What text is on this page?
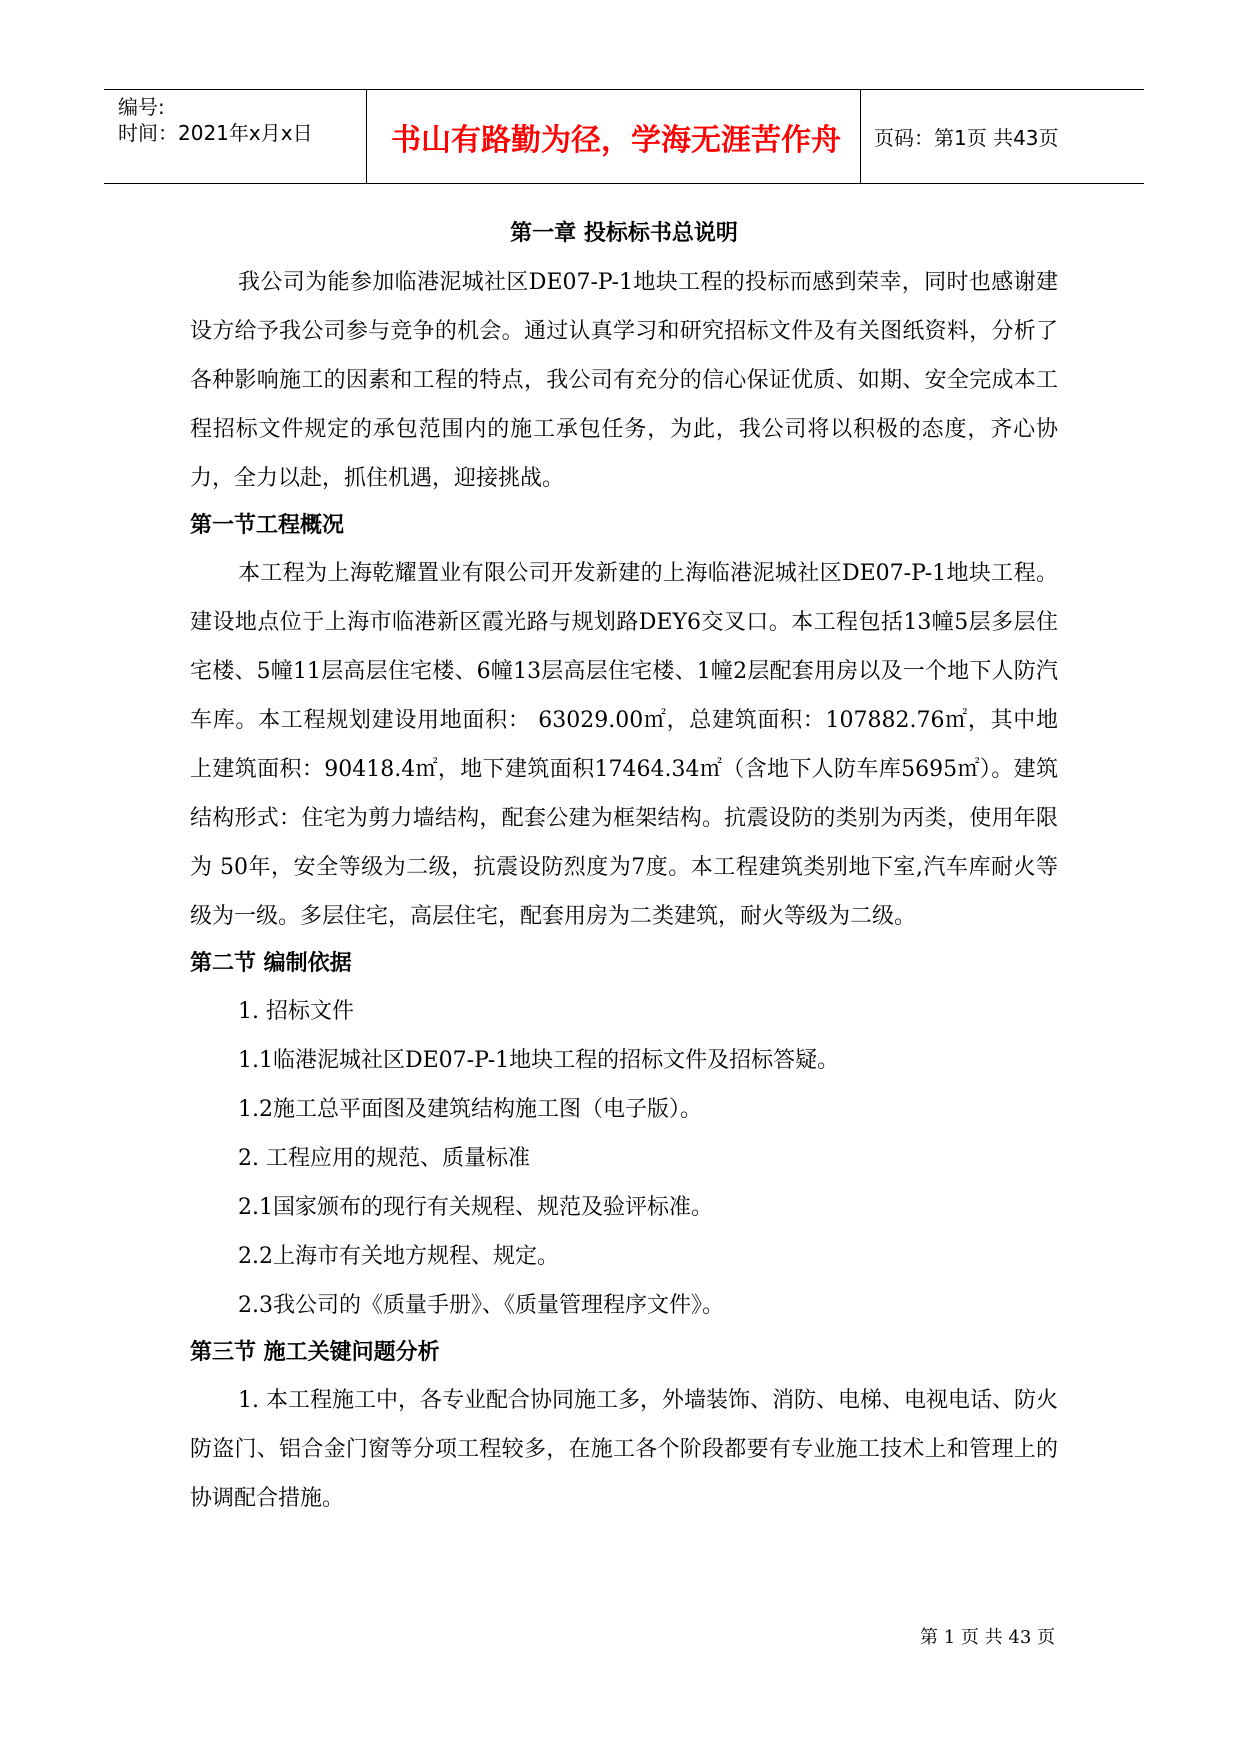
编号:
时间：2021年x月x日	书山有路勤为径，学海无涯苦作舟	页码：第1页 共43页

第一章 投标标书总说明

我公司为能参加临港泥城社区DE07-P-1地块工程的投标而感到荣幸，同时也感谢建设方给予我公司参与竞争的机会。通过认真学习和研究招标文件及有关图纸资料，分析了各种影响施工的因素和工程的特点，我公司有充分的信心保证优质、如期、安全完成本工程招标文件规定的承包范围内的施工承包任务，为此，我公司将以积极的态度，齐心协力，全力以赴，抓住机遇，迎接挑战。

第一节工程概况

本工程为上海乾耀置业有限公司开发新建的上海临港泥城社区DE07-P-1地块工程。建设地点位于上海市临港新区霞光路与规划路DEY6交叉口。本工程包括13幢5层多层住宅楼、5幢11层高层住宅楼、6幢13层高层住宅楼、1幢2层配套用房以及一个地下人防汽车库。本工程规划建设用地面积： 63029.00㎡，总建筑面积：107882.76㎡，其中地上建筑面积：90418.4㎡，地下建筑面积17464.34㎡（含地下人防车库5695㎡）。建筑结构形式：住宅为剪力墙结构，配套公建为框架结构。抗震设防的类别为丙类，使用年限为 50年，安全等级为二级，抗震设防烈度为7度。本工程建筑类别地下室,汽车库耐火等级为一级。多层住宅，高层住宅，配套用房为二类建筑，耐火等级为二级。

第二节 编制依据

1. 招标文件

1.1临港泥城社区DE07-P-1地块工程的招标文件及招标答疑。

1.2施工总平面图及建筑结构施工图（电子版）。

2. 工程应用的规范、质量标准

2.1国家颁布的现行有关规程、规范及验评标准。

2.2上海市有关地方规程、规定。

2.3我公司的《质量手册》、《质量管理程序文件》。

第三节 施工关键问题分析

1. 本工程施工中，各专业配合协同施工多，外墙装饰、消防、电梯、电视电话、防火防盗门、铝合金门窗等分项工程较多，在施工各个阶段都要有专业施工技术上和管理上的协调配合措施。

第 1 页 共 43 页
